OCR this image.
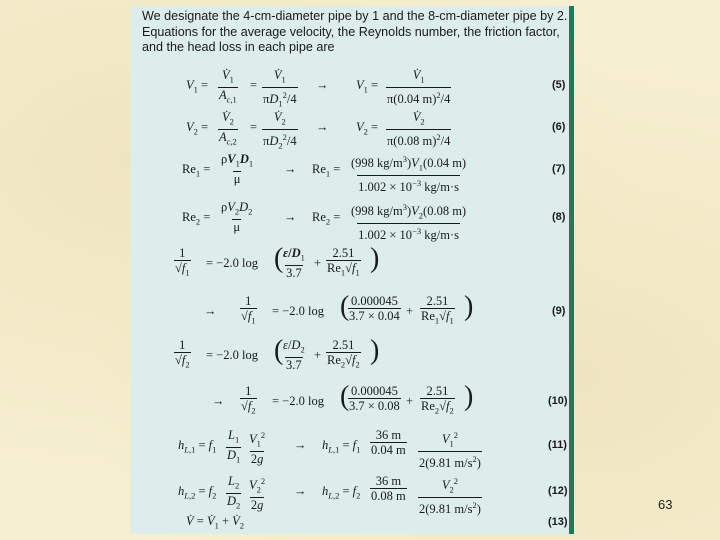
We designate the 4-cm-diameter pipe by 1 and the 8-cm-diameter pipe by 2. Equations for the average velocity, the Reynolds number, the friction factor, and the head loss in each pipe are
$V_1 = \frac{V̇_1}{A_{c,1}} = \frac{V̇_1}{\pi D_1^2/4} \to V_1 = \frac{V̇_1}{\pi(0.04 m)^2/4}$	(5)
$V_2 = \frac{V̇_2}{A_{c,2}} = \frac{V̇_2}{\pi D_2^2/4} \to V_2 = \frac{V̇_2}{\pi(0.08 m)^2/4}$	(6)
$Re_1 = \frac{\rho V_1D_1}{\mu} \to Re_1 = \frac{(998 kg/m^3)V_1(0.04 m)}{1.002 \times 10^{-3} kg/m\cdot s}$	(7)
$Re_2 = \frac{\rho V_2D_2}{\mu} \to Re_2 = \frac{(998 kg/m^3)V_2(0.08 m)}{1.002 \times 10^{-3} kg/m\cdot s}$	(8)
$\frac{1}{√f_1} = -2.0$ log (
$\frac{\varepsilon/D_1}{3.7} + \frac{2.51}{Re_1√f_1}$ )
→ $\frac{1}{√f_1} = -2.0$ log (
$\frac{0.000045}{3.7 \times 0.04} + \frac{2.51}{Re_1√f_1}$ )	(9)
$\frac{1}{√f_2} = -2.0$ log (
$\frac{\varepsilon/D_2}{3.7} + \frac{2.51}{Re_2√f_2}$ )
→ $\frac{1}{√f_2} = -2.0$ log (
$\frac{0.000045}{3.7 \times 0.08} + \frac{2.51}{Re_2√f_2}$ )	(10)
$h_{L,1} = f_1 \frac{L_1}{D_1} \frac{V_1^2}{2g} \to h_{L,1} = f_1 \frac{36 m}{0.04 m} \frac{V_1^2}{2(9.81 m/s^2)}$	(11)
$h_{L,2} = f_2 \frac{L_2}{D_2} \frac{V_2^2}{2g} \to h_{L,2} = f_2 \frac{36 m}{0.08 m} \frac{V_2^2}{2(9.81 m/s^2)}$	(12)
V̇ = $V̇_1$ + $V̇_2$	(13)
63
